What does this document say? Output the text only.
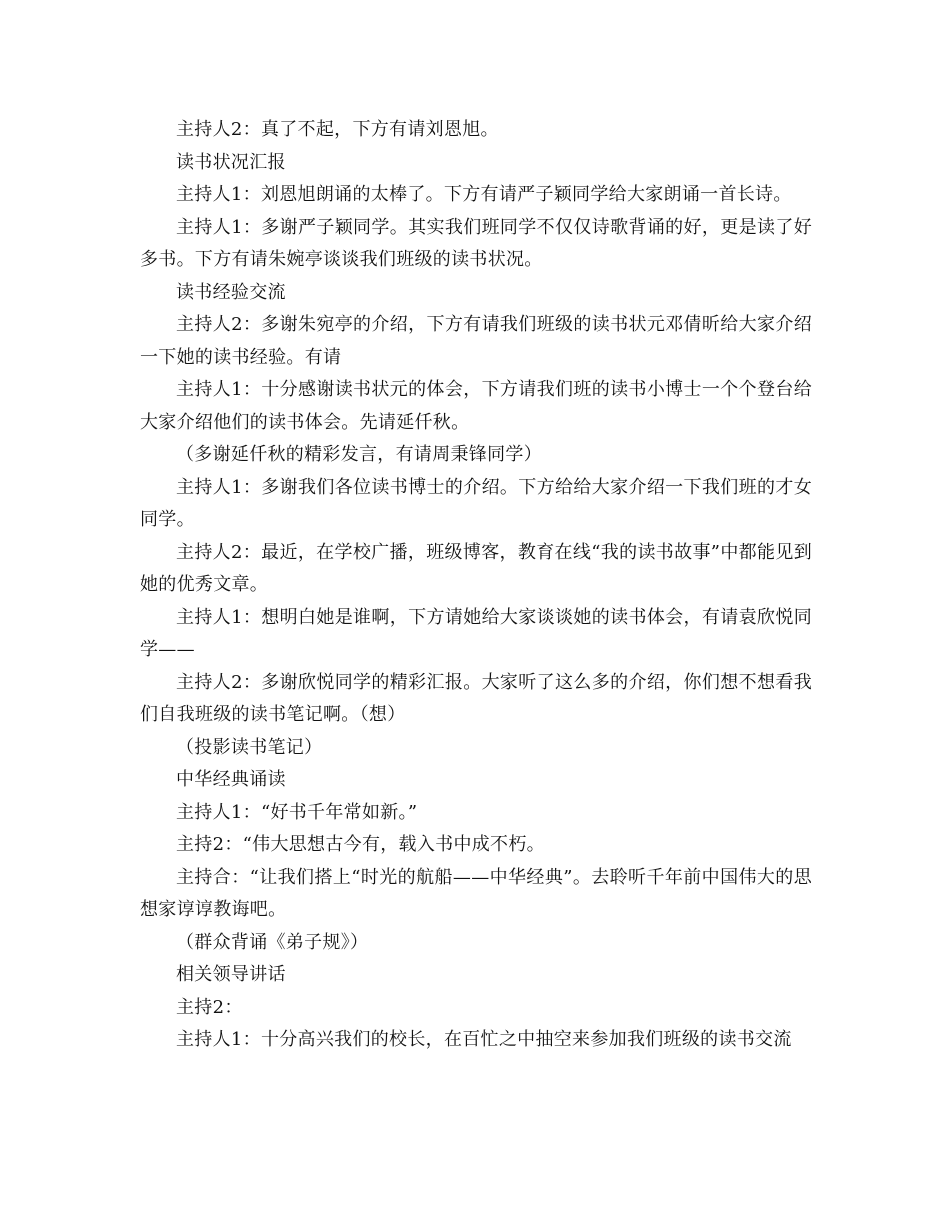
主持人2：真了不起，下方有请刘恩旭。

读书状况汇报

主持人1：刘恩旭朗诵的太棒了。下方有请严子颖同学给大家朗诵一首长诗。

主持人1：多谢严子颖同学。其实我们班同学不仅仅诗歌背诵的好，更是读了好多书。下方有请朱婉亭谈谈我们班级的读书状况。

读书经验交流

主持人2：多谢朱宛亭的介绍，下方有请我们班级的读书状元邓倩昕给大家介绍一下她的读书经验。有请

主持人1：十分感谢读书状元的体会，下方请我们班的读书小博士一个个登台给大家介绍他们的读书体会。先请延仟秋。

（多谢延仟秋的精彩发言，有请周秉锋同学）

主持人1：多谢我们各位读书博士的介绍。下方给给大家介绍一下我们班的才女同学。

主持人2：最近，在学校广播，班级博客，教育在线“我的读书故事”中都能见到她的优秀文章。

主持人1：想明白她是谁啊，下方请她给大家谈谈她的读书体会，有请袁欣悦同学——

主持人2：多谢欣悦同学的精彩汇报。大家听了这么多的介绍，你们想不想看我们自我班级的读书笔记啊。（想）

（投影读书笔记）

中华经典诵读

主持人1：“好书千年常如新。”

主持2：“伟大思想古今有，载入书中成不朽。

主持合：“让我们搭上“时光的航船——中华经典”。去聆听千年前中国伟大的思想家谆谆教诲吧。

（群众背诵《弟子规》）

相关领导讲话

主持2：

主持人1：十分高兴我们的校长，在百忙之中抽空来参加我们班级的读书交流
